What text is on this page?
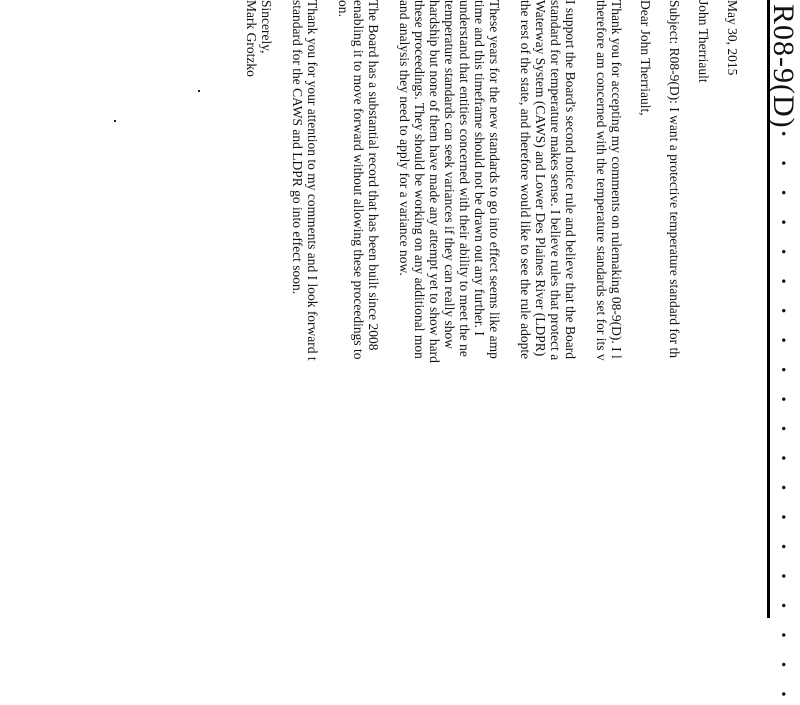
R08-9(D)· · · · · · · · · · · · · · · · · · · ·

May 30, 2015

John Therriault

Subject: R08-9(D): I want a protective temperature standard for th

Dear John Therriault,

Thank you for accepting my comments on rulemaking 08-9(D). I l

therefore am concerned with the temperature standards set for its v

I support the Board's second notice rule and believe that the Board

standard for temperature makes sense. I believe rules that protect a

Waterway System (CAWS) and Lower Des Plaines River (LDPR)

the rest of the state, and therefore would like to see the rule adopte

These years for the new standards to go into effect seems like amp

time and this timeframe should not be drawn out any further. I

understand that entities concerned with their ability to meet the ne

temperature standards can seek variances if they can really show

hardship but none of them have made any attempt yet to show hard

these proceedings. They should be working on any additional mon

and analysis they need to apply for a variance now.

The Board has a substantial record that has been built since 2008

enabling it to move forward without allowing these proceedings to

on.

Thank you for your attention to my comments and I look forward t

standard for the CAWS and LDPR go into effect soon.

Sincerely,

Mark Grotzko
